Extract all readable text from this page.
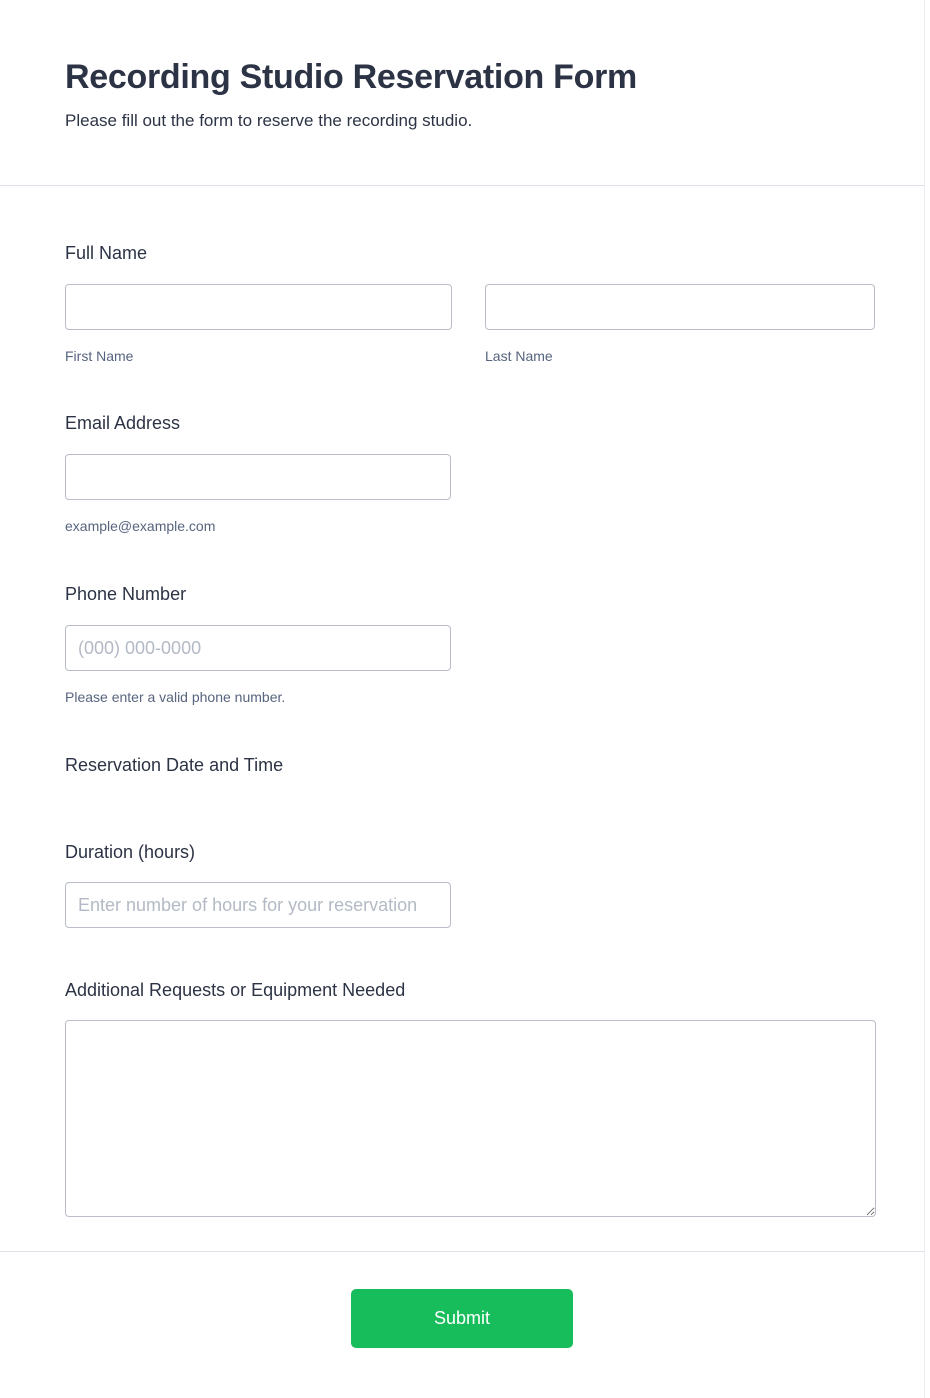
Recording Studio Reservation Form
Please fill out the form to reserve the recording studio.
Full Name
First Name	Last Name
Email Address
example@example.com
Phone Number
(000) 000-0000
Please enter a valid phone number.
Reservation Date and Time
Duration (hours)
Enter number of hours for your reservation
Additional Requests or Equipment Needed
Submit
